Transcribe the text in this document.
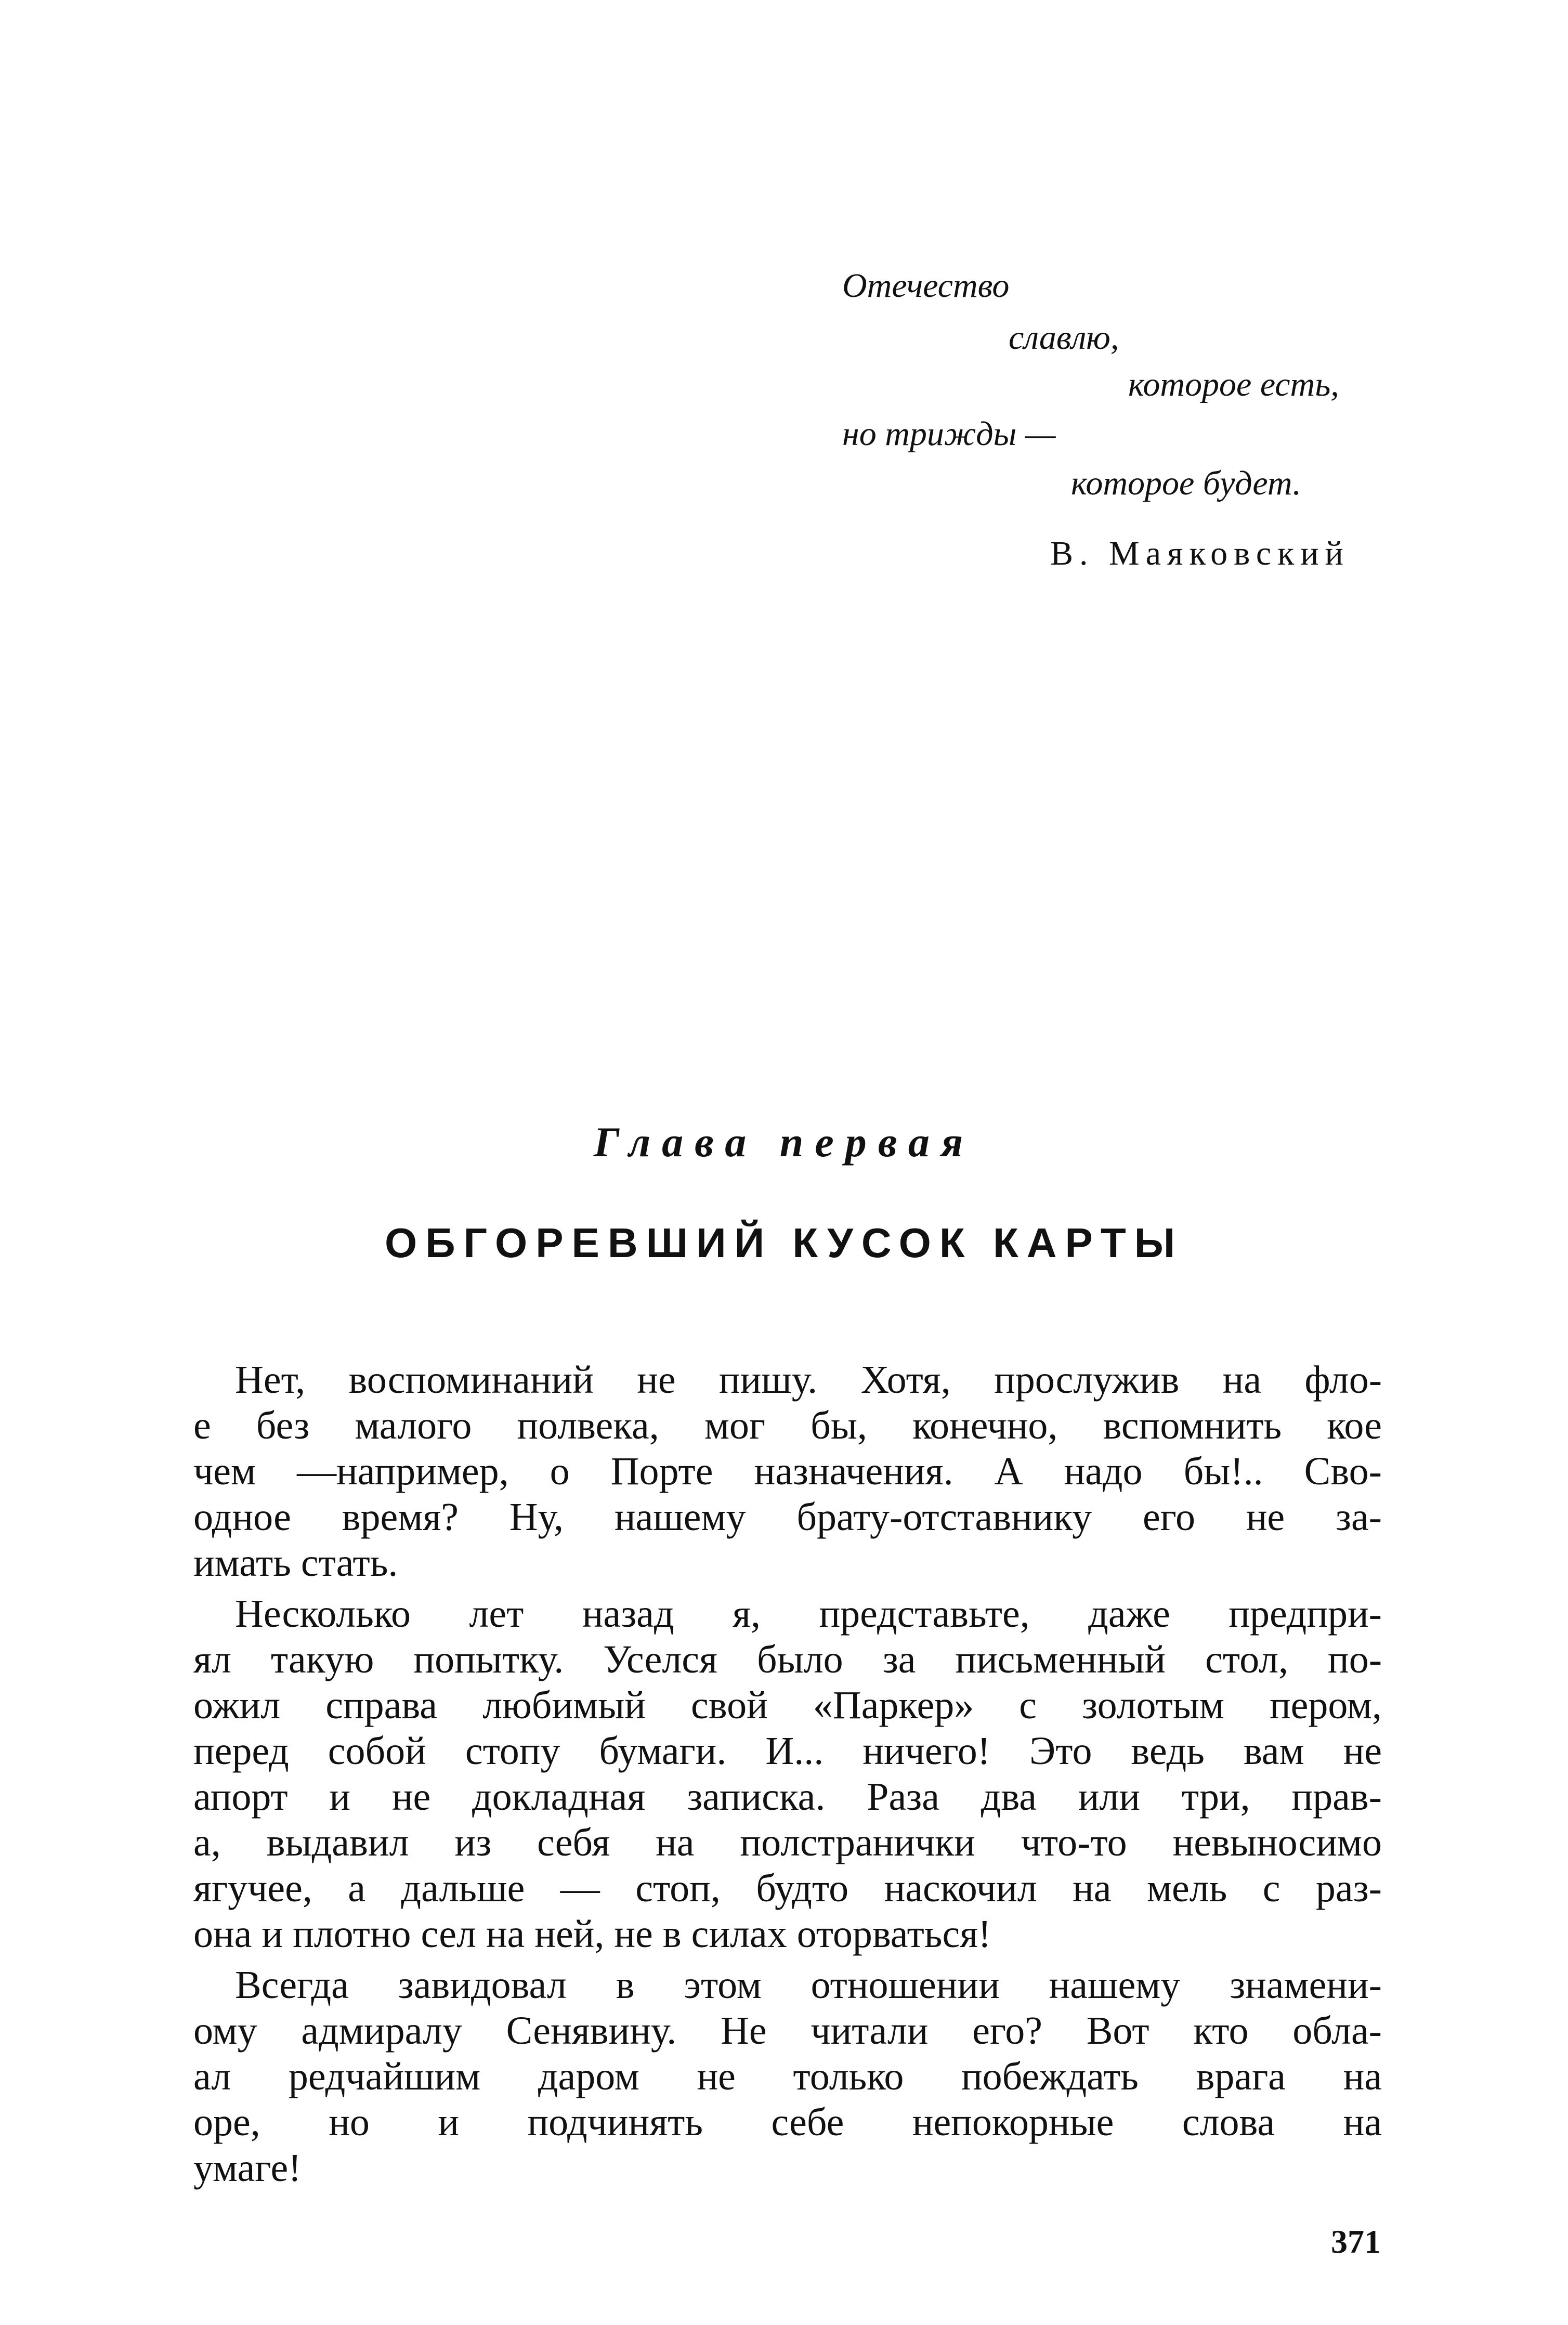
Отечество
славлю,
которое есть,
но трижды —
которое будет.
В. Маяковский
Глава первая
ОБГОРЕВШИЙ КУСОК КАРТЫ

Нет, воспоминаний не пишу. Хотя, прослужив на фло-
е без малого полвека, мог бы, конечно, вспомнить кое
чем —например, о Порте назначения. А надо бы!.. Сво-
одное время? Ну, нашему брату-отставнику его не за-
имать стать.

Несколько лет назад я, представьте, даже предпри-
ял такую попытку. Уселся было за письменный стол, по-
ожил справа любимый свой «Паркер» с золотым пером,
перед собой стопу бумаги. И... ничего! Это ведь вам не
апорт и не докладная записка. Раза два или три, прав-
а, выдавил из себя на полстранички что-то невыносимо
ягучее, а дальше — стоп, будто наскочил на мель с раз-
она и плотно сел на ней, не в силах оторваться!

Всегда завидовал в этом отношении нашему знамени-
ому адмиралу Сенявину. Не читали его? Вот кто обла-
ал редчайшим даром не только побеждать врага на
оре, но и подчинять себе непокорные слова на
умаге!

371
